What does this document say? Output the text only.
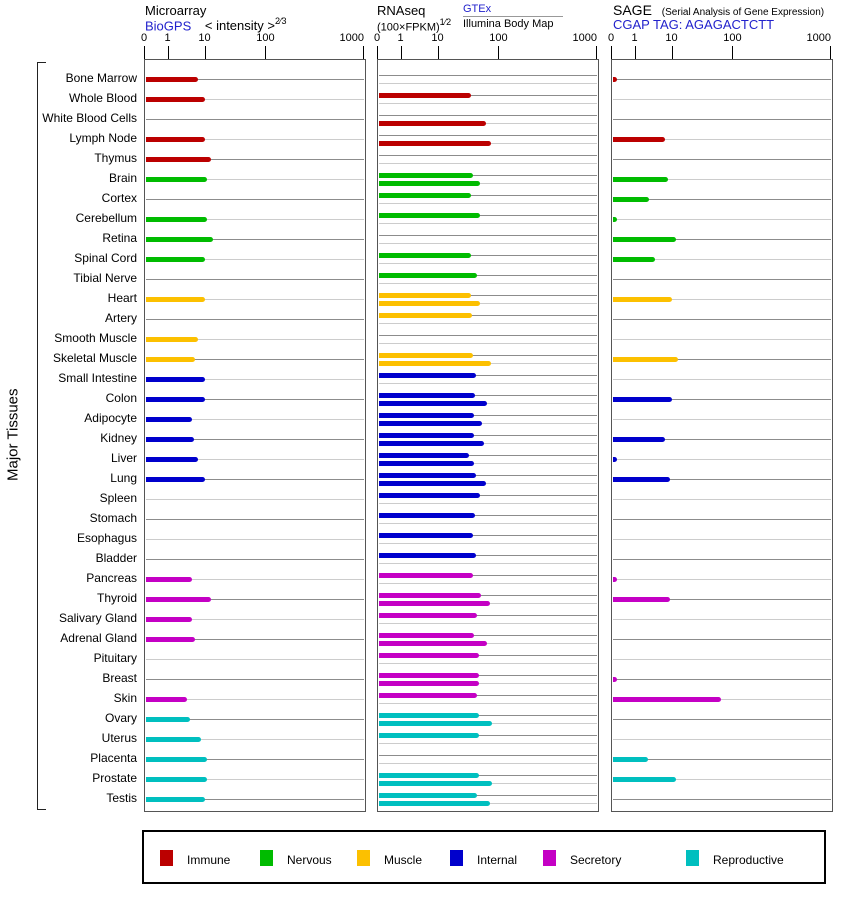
Microarray
BioGPS < intensity >$^{2⁄3}$
RNAseq
(100×FPKM)$^{1⁄2}$
GTEx
Illumina Body Map
SAGE (Serial Analysis of Gene Expression)
CGAP TAG: AGAGACTCTT
Major Tissues
0 1	10	100	1000 0 1	10	100	1000 0 1	10	100	1000
Bone Marrow
Whole Blood
White Blood Cells
Lymph Node
Thymus
Brain
Cortex
Cerebellum
Retina
Spinal Cord
Tibial Nerve
Heart
Artery
Smooth Muscle
Skeletal Muscle
Small Intestine
Colon
Adipocyte
Kidney
Liver
Lung
Spleen
Stomach
Esophagus
Bladder
Pancreas
Thyroid
Salivary Gland
Adrenal Gland
Pituitary
Breast
Skin
Ovary
Uterus
Placenta
Prostate
Testis
Immune	Nervous	Muscle	Internal	Secretory	Reproductive
